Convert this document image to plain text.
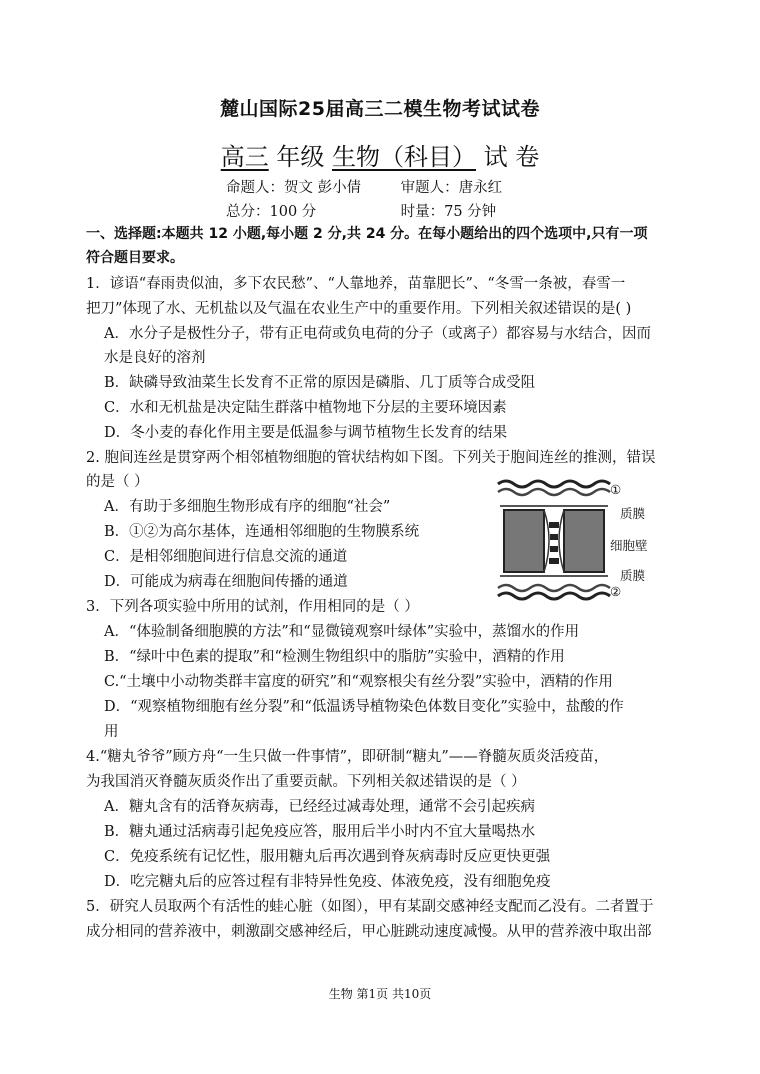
麓山国际25届高三二模生物考试试卷
高三 年级 生物（科目） 试 卷
命题人：贺文 彭小倩	审题人：唐永红
总分：100 分	时量：75 分钟
一、选择题:本题共 12 小题,每小题 2 分,共 24 分。在每小题给出的四个选项中,只有一项
符合题目要求。
1．谚语“春雨贵似油，多下农民愁”、“人靠地养，苗靠肥长”、“冬雪一条被，春雪一
把刀”体现了水、无机盐以及气温在农业生产中的重要作用。下列相关叙述错误的是( )
A．水分子是极性分子，带有正电荷或负电荷的分子（或离子）都容易与水结合，因而
水是良好的溶剂
B．缺磷导致油菜生长发育不正常的原因是磷脂、几丁质等合成受阻
C．水和无机盐是决定陆生群落中植物地下分层的主要环境因素
D．冬小麦的春化作用主要是低温参与调节植物生长发育的结果
2. 胞间连丝是贯穿两个相邻植物细胞的管状结构如下图。下列关于胞间连丝的推测，错误
的是（ ）
A．有助于多细胞生物形成有序的细胞“社会”
B．①②为高尔基体，连通相邻细胞的生物膜系统
C．是相邻细胞间进行信息交流的通道
D．可能成为病毒在细胞间传播的通道
①
质膜
细胞壁
质膜
②
3．下列各项实验中所用的试剂，作用相同的是（ ）
A．“体验制备细胞膜的方法”和“显微镜观察叶绿体”实验中，蒸馏水的作用
B．“绿叶中色素的提取”和“检测生物组织中的脂肪”实验中，酒精的作用
C.“土壤中小动物类群丰富度的研究”和“观察根尖有丝分裂”实验中，酒精的作用
D．“观察植物细胞有丝分裂”和“低温诱导植物染色体数目变化”实验中，盐酸的作
用
4.“糖丸爷爷”顾方舟“一生只做一件事情”，即研制“糖丸”——脊髓灰质炎活疫苗，
为我国消灭脊髓灰质炎作出了重要贡献。下列相关叙述错误的是（ ）
A．糖丸含有的活脊灰病毒，已经经过减毒处理，通常不会引起疾病
B．糖丸通过活病毒引起免疫应答，服用后半小时内不宜大量喝热水
C．免疫系统有记忆性，服用糖丸后再次遇到脊灰病毒时反应更快更强
D．吃完糖丸后的应答过程有非特异性免疫、体液免疫，没有细胞免疫
5．研究人员取两个有活性的蛙心脏（如图），甲有某副交感神经支配而乙没有。二者置于
成分相同的营养液中，刺激副交感神经后，甲心脏跳动速度减慢。从甲的营养液中取出部
生物 第1页 共10页
